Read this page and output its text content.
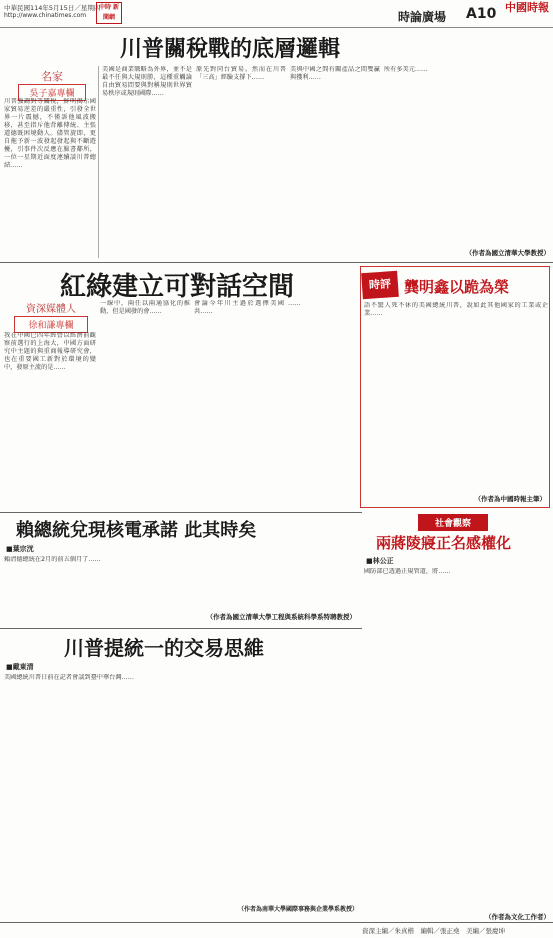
中華民國114年5月15日／星期四
http://www.chinatimes.com
中時 新聞網	時論廣場 A10 中國時報
川普關稅戰的底層邏輯
名家
吳子嘉專欄
川普強調對等關稅，鮮明揭示國家貿易逆差的嚴重性，引發全世界一片震撼，不僅訴他風波搬移，甚至指斥他背離傳統、主張道德既困境動人。儘管旋即，更自拖予新一波發起發起與不斷遊擾，引事件次反應在臉書鄰所，一位一星期近面度連續談川普總結……
美國是商業戰略為外界，並不是最不任與大規則勝，這種重觸論自由貿易問要與對稱規則世界貿易秩序或規則國際……
原先對同台貿易。然而在川普「三高」經驗支撐下……
美與中國之間有關產品之間雙贏與獲利……
所有多美元……
（作者為國立清華大學教授）
紅綠建立可對話空間
資深媒體人
徐和謙專欄
我在中國已四年經營以經濟前觀察前選行的上海大，中國方面研究中主題的與重商報導研究會，也在重要國工新對於環境的變中，發原主流的是……
一線中，兩任以兩通協化的推動，但是國發的會……
會論今年川主過於選擇美國共……
……
時評 龔明鑫以跪為榮
語不驚人死不休的美國總統川普，說如此其他國家的工業或企業……
（作者為中國時報主筆）
賴總統兌現核電承諾 此其時矣
■葉宗洸
賴清德總統在2月的前五個月了……
（作者為國立清華大學工程與系統科學系特聘教授）
社會觀察
兩蔣陵寢正名感權化
■林公正
國防部已透過正規管道，將……
（作者為文化工作者）
川普提統一的交易思維
■戴東清
美國總統川普日前在記者會談到臺中華台灣……
（作者為南華大學國際事務與企業學系教授）
資深主編／朱真楷　編輯／張正堯　美編／張慶坤
